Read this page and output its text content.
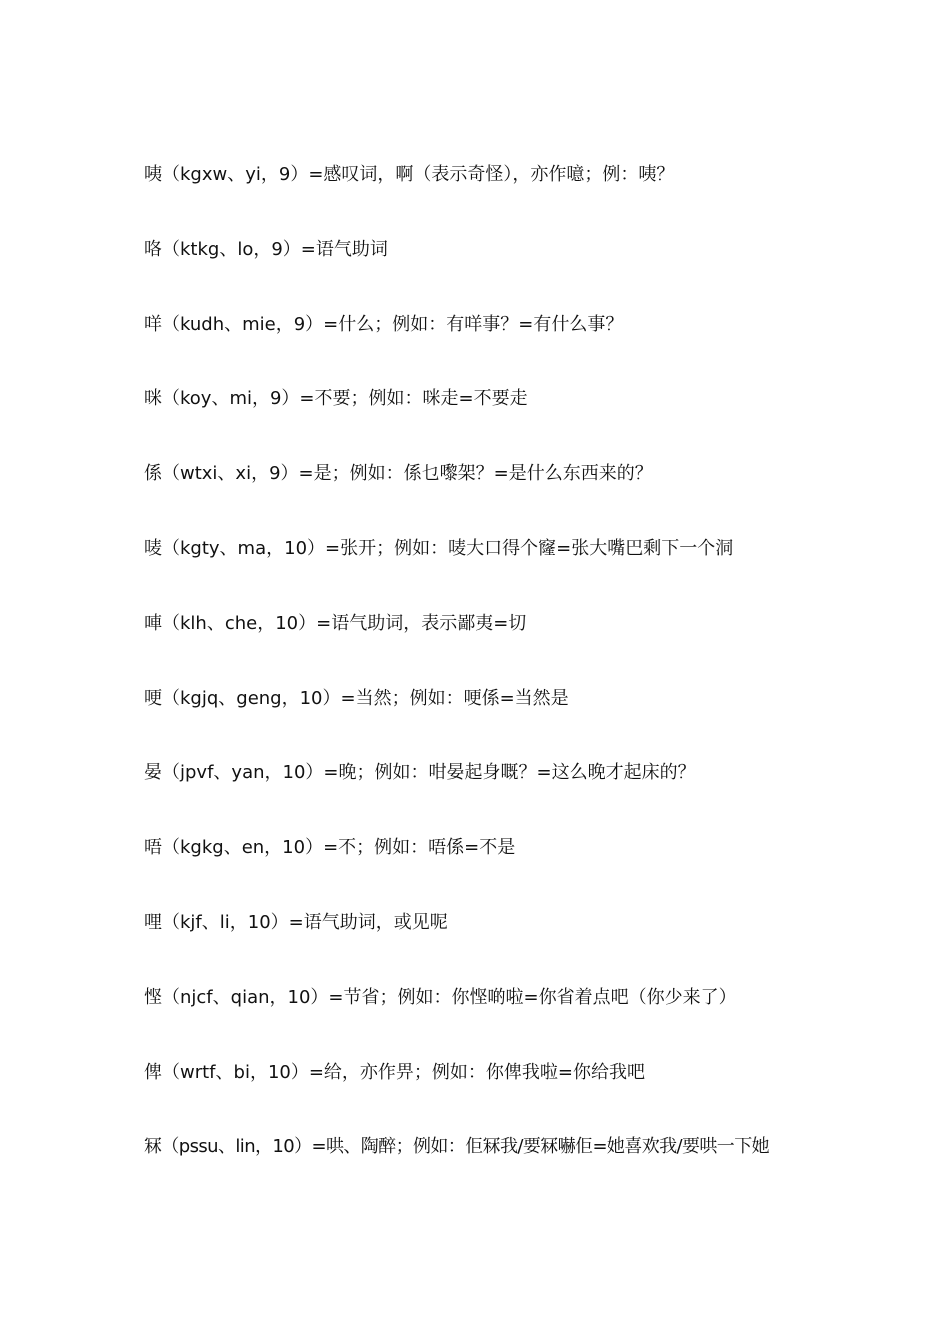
咦（kgxw、yi，9）=感叹词，啊（表示奇怪），亦作噫；例：咦？
咯（ktkg、lo，9）=语气助词
咩（kudh、mie，9）=什么；例如：有咩事？=有什么事？
咪（koy、mi，9）=不要；例如：咪走=不要走
係（wtxi、xi，9）=是；例如：係乜嚟架？=是什么东西来的？
唛（kgty、ma，10）=张开；例如：唛大口得个窿=张大嘴巴剩下一个洞
唓（klh、che，10）=语气助词，表示鄙夷=切
哽（kgjq、geng，10）=当然；例如：哽係=当然是
晏（jpvf、yan，10）=晚；例如：咁晏起身嘅？=这么晚才起床的？
唔（kgkg、en，10）=不；例如：唔係=不是
哩（kjf、li，10）=语气助词，或见呢
悭（njcf、qian，10）=节省；例如：你悭啲啦=你省着点吧（你少来了）
俾（wrtf、bi，10）=给，亦作畀；例如：你俾我啦=你给我吧
冧（pssu、lin，10）=哄、陶醉；例如：佢冧我/要冧嚇佢=她喜欢我/要哄一下她
